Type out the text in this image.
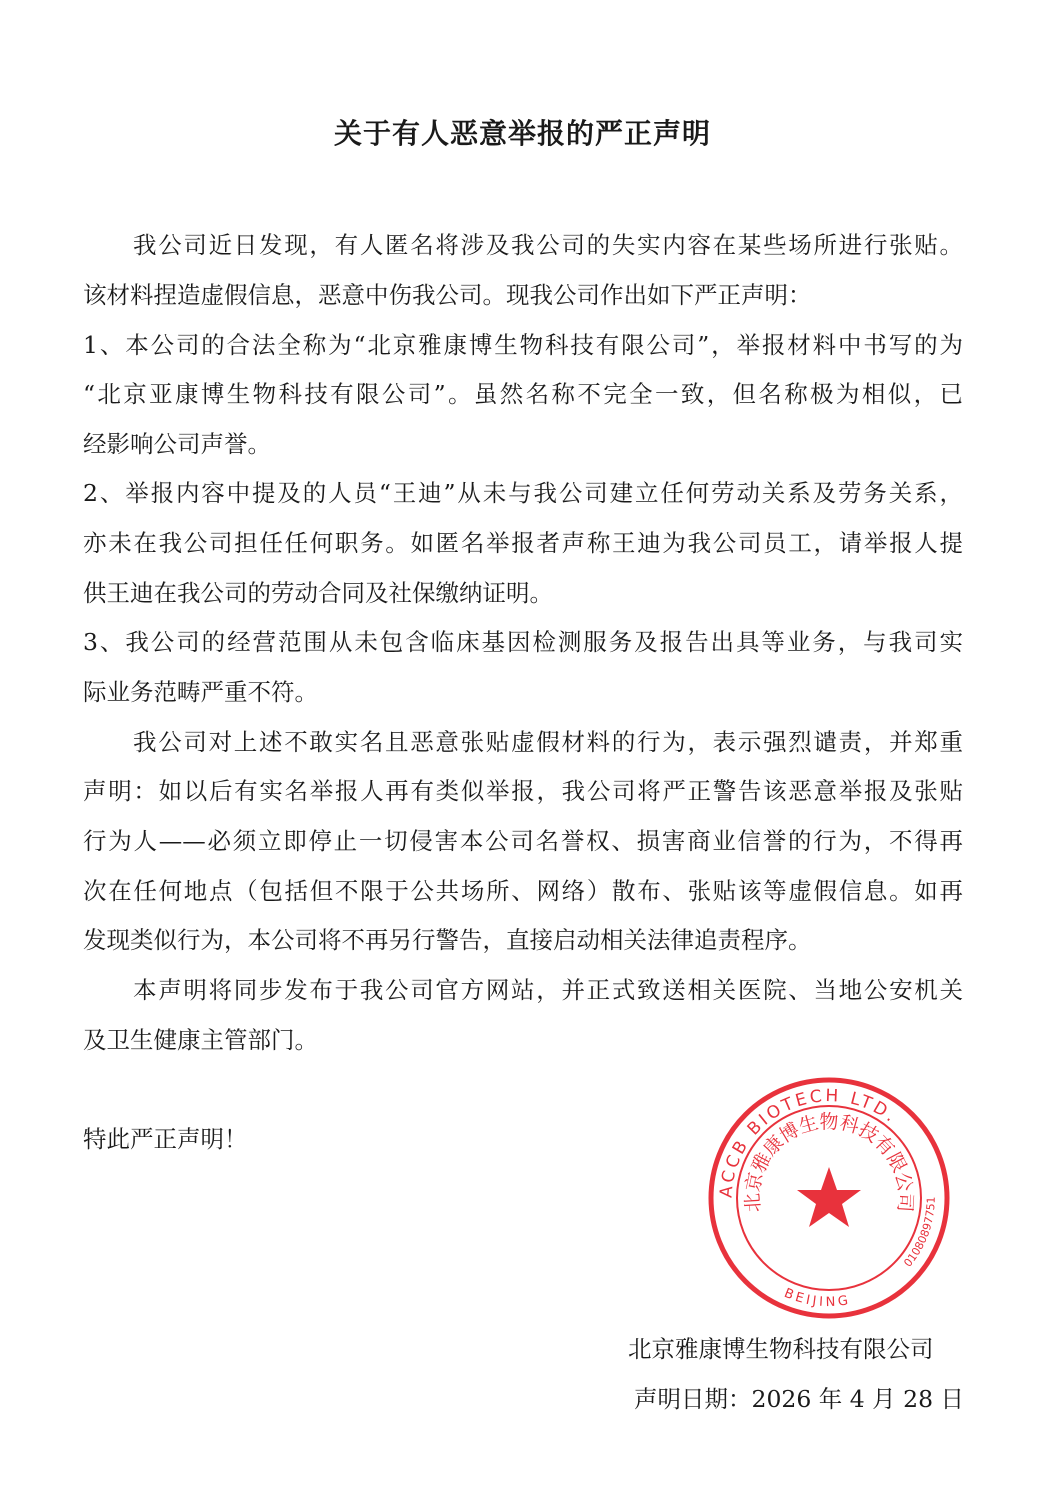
关于有人恶意举报的严正声明
我公司近日发现，有人匿名将涉及我公司的失实内容在某些场所进行张贴。
该材料捏造虚假信息，恶意中伤我公司。现我公司作出如下严正声明：
1、本公司的合法全称为“北京雅康博生物科技有限公司”，举报材料中书写的为
“北京亚康博生物科技有限公司”。虽然名称不完全一致，但名称极为相似，已
经影响公司声誉。
2、举报内容中提及的人员“王迪”从未与我公司建立任何劳动关系及劳务关系，
亦未在我公司担任任何职务。如匿名举报者声称王迪为我公司员工，请举报人提
供王迪在我公司的劳动合同及社保缴纳证明。
3、我公司的经营范围从未包含临床基因检测服务及报告出具等业务，与我司实
际业务范畴严重不符。
我公司对上述不敢实名且恶意张贴虚假材料的行为，表示强烈谴责，并郑重
声明：如以后有实名举报人再有类似举报，我公司将严正警告该恶意举报及张贴
行为人——必须立即停止一切侵害本公司名誉权、损害商业信誉的行为，不得再
次在任何地点（包括但不限于公共场所、网络）散布、张贴该等虚假信息。如再
发现类似行为，本公司将不再另行警告，直接启动相关法律追责程序。
本声明将同步发布于我公司官方网站，并正式致送相关医院、当地公安机关
及卫生健康主管部门。
特此严正声明！
ACCB BIOTECH LTD.
北京雅康博生物科技有限公司
01080897751
BEIJING
北京雅康博生物科技有限公司
声明日期：2026 年 4 月 28 日
